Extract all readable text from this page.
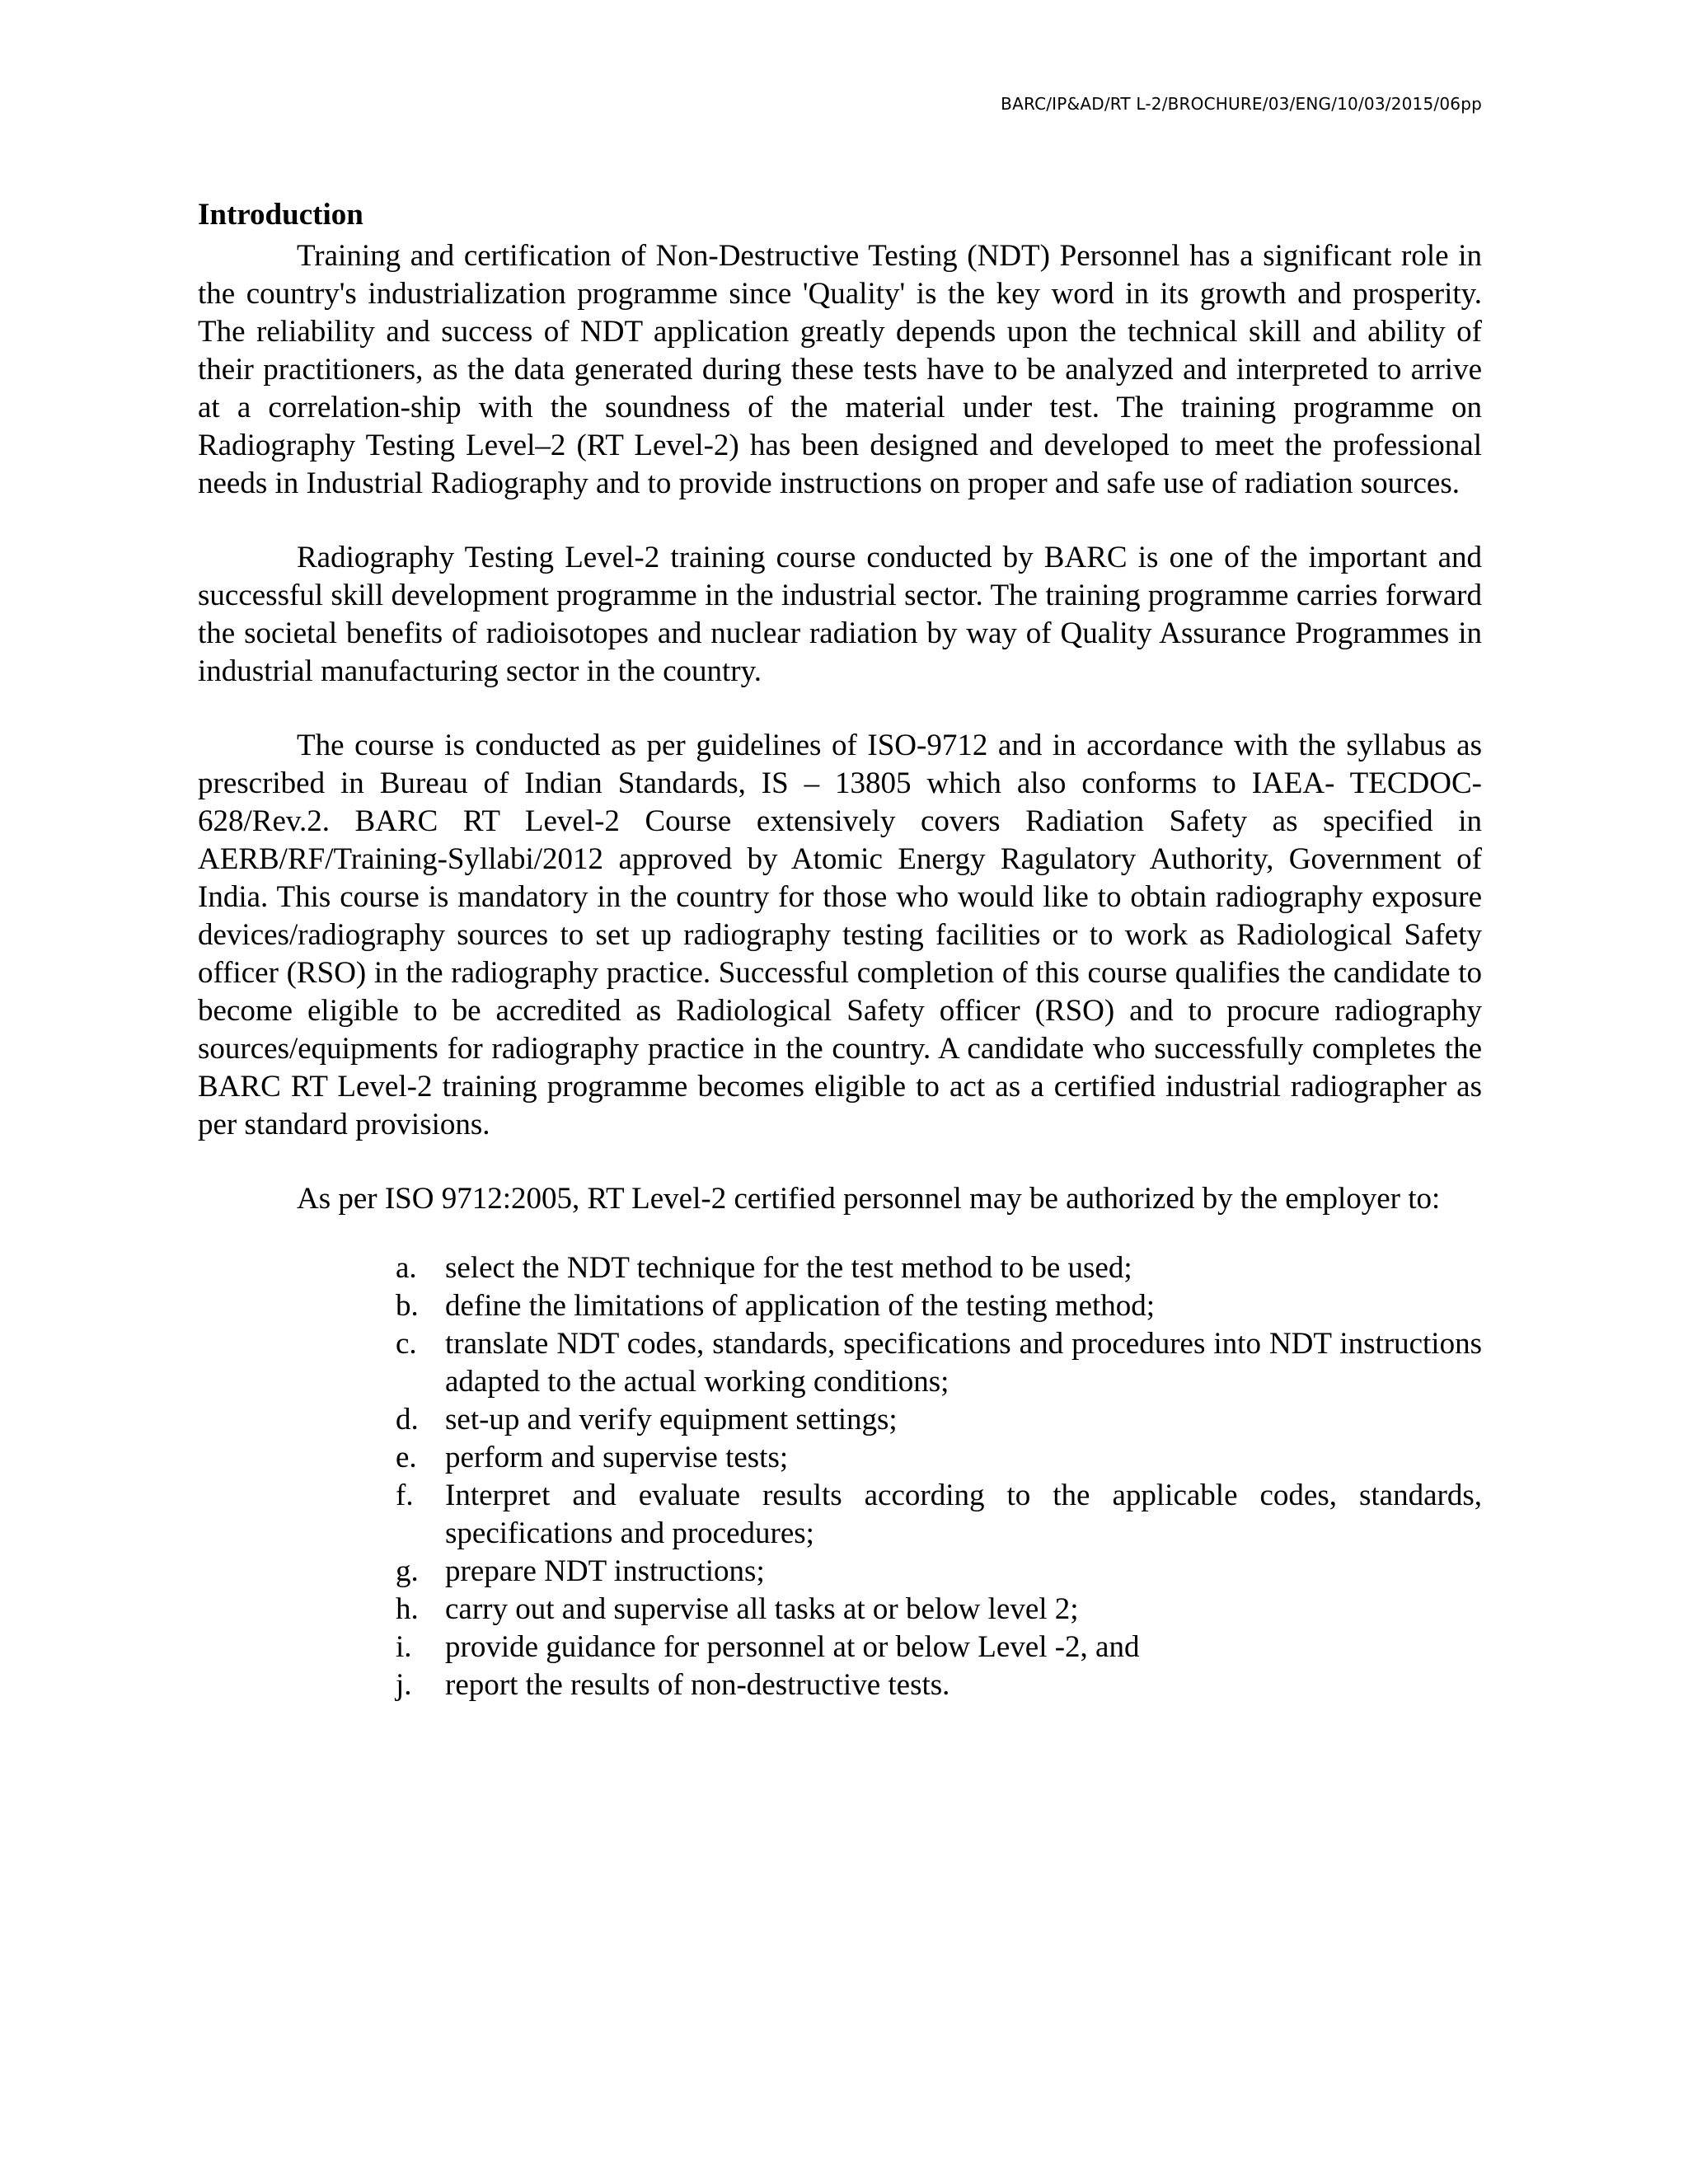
BARC/IP&AD/RT L-2/BROCHURE/03/ENG/10/03/2015/06pp
Introduction

Training and certification of Non-Destructive Testing (NDT) Personnel has a significant role in the country's industrialization programme since 'Quality' is the key word in its growth and prosperity. The reliability and success of NDT application greatly depends upon the technical skill and ability of their practitioners, as the data generated during these tests have to be analyzed and interpreted to arrive at a correlation-ship with the soundness of the material under test. The training programme on Radiography Testing Level–2 (RT Level-2) has been designed and developed to meet the professional needs in Industrial Radiography and to provide instructions on proper and safe use of radiation sources.

Radiography Testing Level-2 training course conducted by BARC is one of the important and successful skill development programme in the industrial sector. The training programme carries forward the societal benefits of radioisotopes and nuclear radiation by way of Quality Assurance Programmes in industrial manufacturing sector in the country.

The course is conducted as per guidelines of ISO-9712 and in accordance with the syllabus as prescribed in Bureau of Indian Standards, IS – 13805 which also conforms to IAEA- TECDOC-628/Rev.2. BARC RT Level-2 Course extensively covers Radiation Safety as specified in AERB/RF/Training-Syllabi/2012 approved by Atomic Energy Ragulatory Authority, Government of India. This course is mandatory in the country for those who would like to obtain radiography exposure devices/radiography sources to set up radiography testing facilities or to work as Radiological Safety officer (RSO) in the radiography practice. Successful completion of this course qualifies the candidate to become eligible to be accredited as Radiological Safety officer (RSO) and to procure radiography sources/equipments for radiography practice in the country. A candidate who successfully completes the BARC RT Level-2 training programme becomes eligible to act as a certified industrial radiographer as per standard provisions.

As per ISO 9712:2005, RT Level-2 certified personnel may be authorized by the employer to:

a. select the NDT technique for the test method to be used;
b. define the limitations of application of the testing method;
c. translate NDT codes, standards, specifications and procedures into NDT instructions adapted to the actual working conditions;
d. set-up and verify equipment settings;
e. perform and supervise tests;
f.	Interpret and evaluate results according to the applicable codes, standards, specifications and procedures;
g. prepare NDT instructions;
h. carry out and supervise all tasks at or below level 2;
i.	provide guidance for personnel at or below Level -2, and
j.	report the results of non-destructive tests.
